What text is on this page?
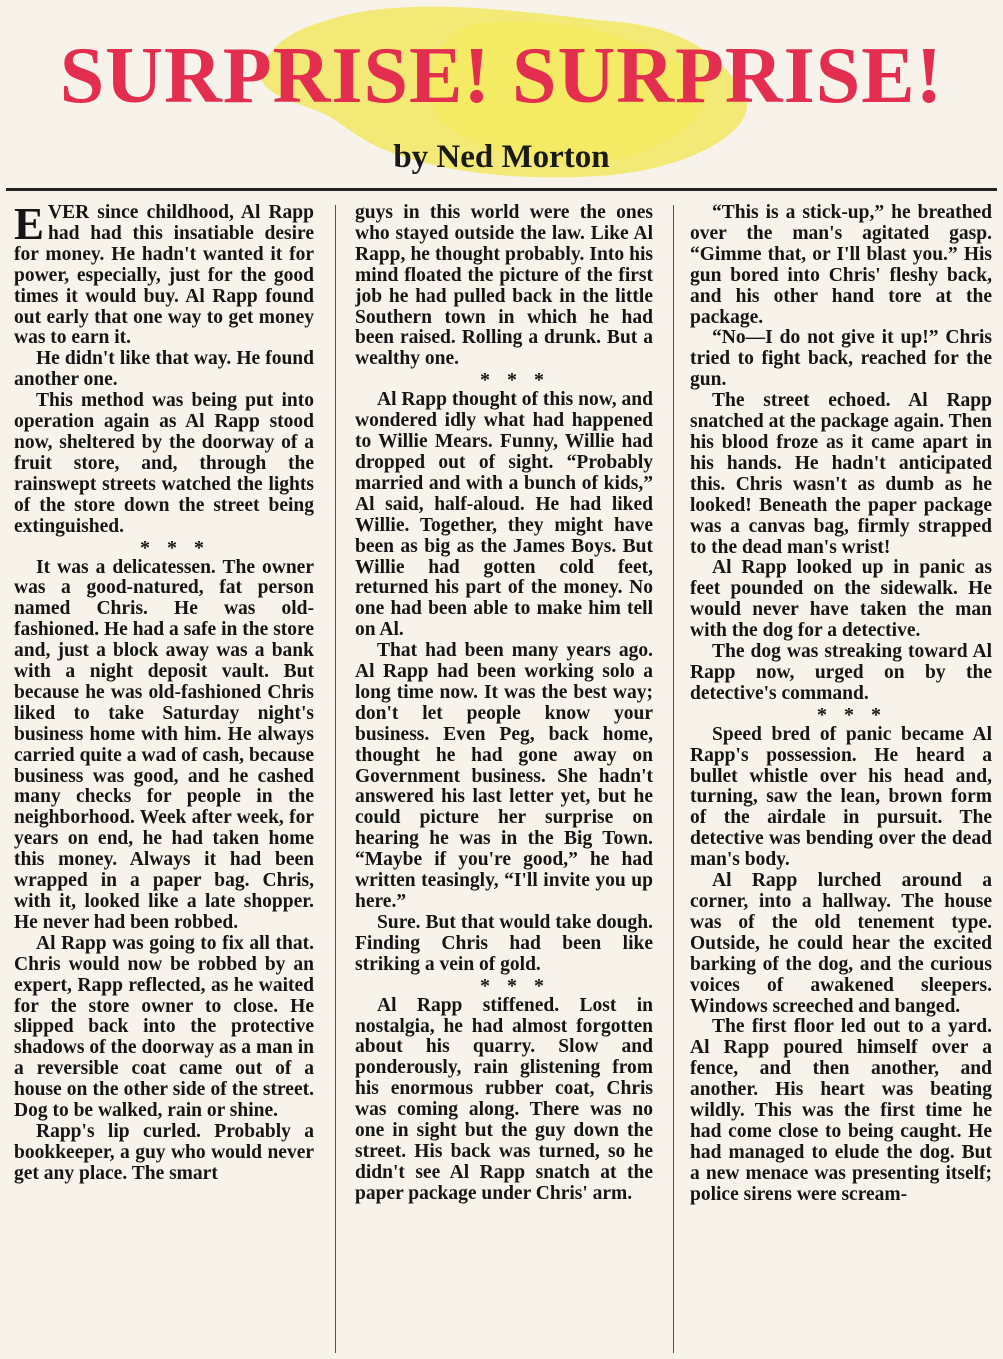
SURPRISE! SURPRISE!
by Ned Morton

EVER since childhood, Al Rapp had had this insatiable desire for money. He hadn't wanted it for power, especially, just for the good times it would buy. Al Rapp found out early that one way to get money was to earn it.

He didn't like that way. He found another one.

This method was being put into operation again as Al Rapp stood now, sheltered by the doorway of a fruit store, and, through the rainswept streets watched the lights of the store down the street being extinguished.

* * *

It was a delicatessen. The owner was a good-natured, fat person named Chris. He was old-fashioned. He had a safe in the store and, just a block away was a bank with a night deposit vault. But because he was old-fashioned Chris liked to take Saturday night's business home with him. He always carried quite a wad of cash, because business was good, and he cashed many checks for people in the neighborhood. Week after week, for years on end, he had taken home this money. Always it had been wrapped in a paper bag. Chris, with it, looked like a late shopper. He never had been robbed.

Al Rapp was going to fix all that. Chris would now be robbed by an expert, Rapp reflected, as he waited for the store owner to close. He slipped back into the protective shadows of the doorway as a man in a reversible coat came out of a house on the other side of the street. Dog to be walked, rain or shine.

Rapp's lip curled. Probably a bookkeeper, a guy who would never get any place. The smart

guys in this world were the ones who stayed outside the law. Like Al Rapp, he thought probably. Into his mind floated the picture of the first job he had pulled back in the little Southern town in which he had been raised. Rolling a drunk. But a wealthy one.

* * *

Al Rapp thought of this now, and wondered idly what had happened to Willie Mears. Funny, Willie had dropped out of sight. “Probably married and with a bunch of kids,” Al said, half-aloud. He had liked Willie. Together, they might have been as big as the James Boys. But Willie had gotten cold feet, returned his part of the money. No one had been able to make him tell on Al.

That had been many years ago. Al Rapp had been working solo a long time now. It was the best way; don't let people know your business. Even Peg, back home, thought he had gone away on Government business. She hadn't answered his last letter yet, but he could picture her surprise on hearing he was in the Big Town. “Maybe if you're good,” he had written teasingly, “I'll invite you up here.”

Sure. But that would take dough. Finding Chris had been like striking a vein of gold.

* * *

Al Rapp stiffened. Lost in nostalgia, he had almost forgotten about his quarry. Slow and ponderously, rain glistening from his enormous rubber coat, Chris was coming along. There was no one in sight but the guy down the street. His back was turned, so he didn't see Al Rapp snatch at the paper package under Chris' arm.

“This is a stick-up,” he breathed over the man's agitated gasp. “Gimme that, or I'll blast you.” His gun bored into Chris' fleshy back, and his other hand tore at the package.

“No—I do not give it up!” Chris tried to fight back, reached for the gun.

The street echoed. Al Rapp snatched at the package again. Then his blood froze as it came apart in his hands. He hadn't anticipated this. Chris wasn't as dumb as he looked! Beneath the paper package was a canvas bag, firmly strapped to the dead man's wrist!

Al Rapp looked up in panic as feet pounded on the sidewalk. He would never have taken the man with the dog for a detective.

The dog was streaking toward Al Rapp now, urged on by the detective's command.

* * *

Speed bred of panic became Al Rapp's possession. He heard a bullet whistle over his head and, turning, saw the lean, brown form of the airdale in pursuit. The detective was bending over the dead man's body.

Al Rapp lurched around a corner, into a hallway. The house was of the old tenement type. Outside, he could hear the excited barking of the dog, and the curious voices of awakened sleepers. Windows screeched and banged.

The first floor led out to a yard. Al Rapp poured himself over a fence, and then another, and another. His heart was beating wildly. This was the first time he had come close to being caught. He had managed to elude the dog. But a new menace was presenting itself; police sirens were scream-
